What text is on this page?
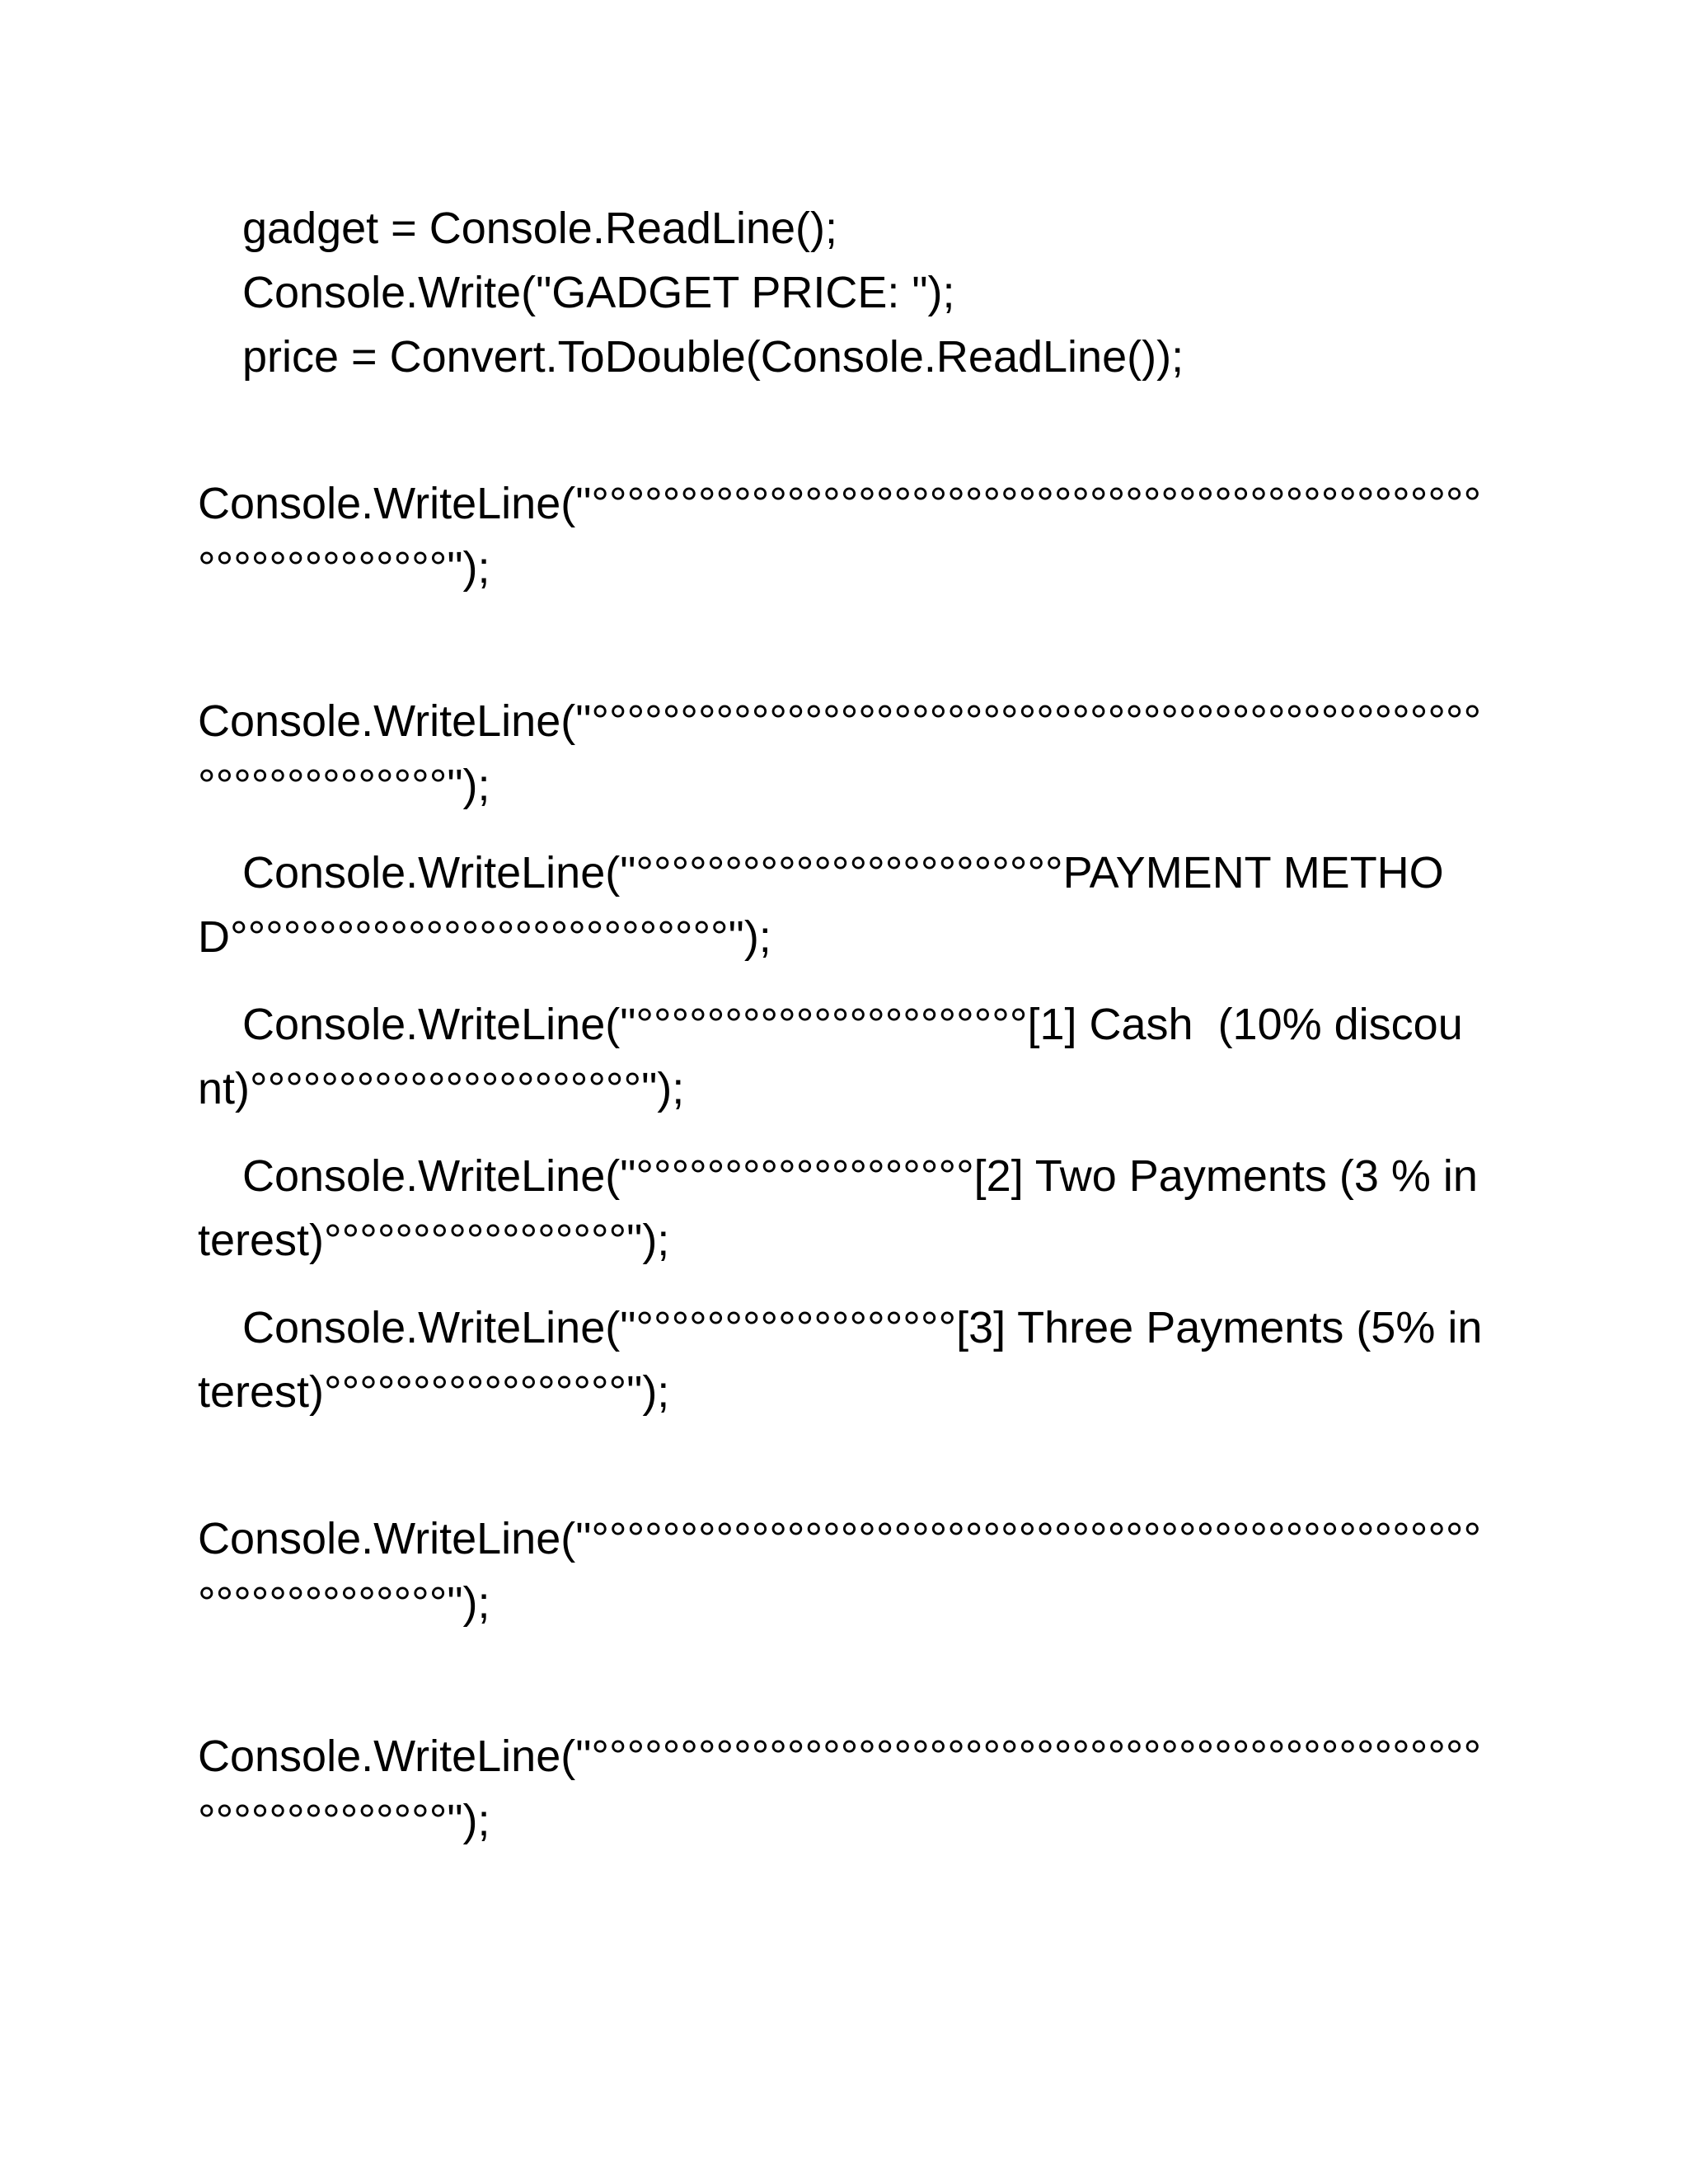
gadget = Console.ReadLine();

Console.Write("GADGET PRICE: ");

price = Convert.ToDouble(Console.ReadLine());

Console.WriteLine("°°°°°°°°°°°°°°°°°°°°°°°°°°°°°°°°°°°°°°°°°°°°°°°°°°°°°°°°°°°°°°°°");

Console.WriteLine("°°°°°°°°°°°°°°°°°°°°°°°°°°°°°°°°°°°°°°°°°°°°°°°°°°°°°°°°°°°°°°°°");

Console.WriteLine("°°°°°°°°°°°°°°°°°°°°°°°°PAYMENT METHOD°°°°°°°°°°°°°°°°°°°°°°°°°°°°");

Console.WriteLine("°°°°°°°°°°°°°°°°°°°°°°[1] Cash  (10% discount)°°°°°°°°°°°°°°°°°°°°°°");

Console.WriteLine("°°°°°°°°°°°°°°°°°°°[2] Two Payments (3 % interest)°°°°°°°°°°°°°°°°°");

Console.WriteLine("°°°°°°°°°°°°°°°°°°[3] Three Payments (5% interest)°°°°°°°°°°°°°°°°°");

Console.WriteLine("°°°°°°°°°°°°°°°°°°°°°°°°°°°°°°°°°°°°°°°°°°°°°°°°°°°°°°°°°°°°°°°°");

Console.WriteLine("°°°°°°°°°°°°°°°°°°°°°°°°°°°°°°°°°°°°°°°°°°°°°°°°°°°°°°°°°°°°°°°°");
